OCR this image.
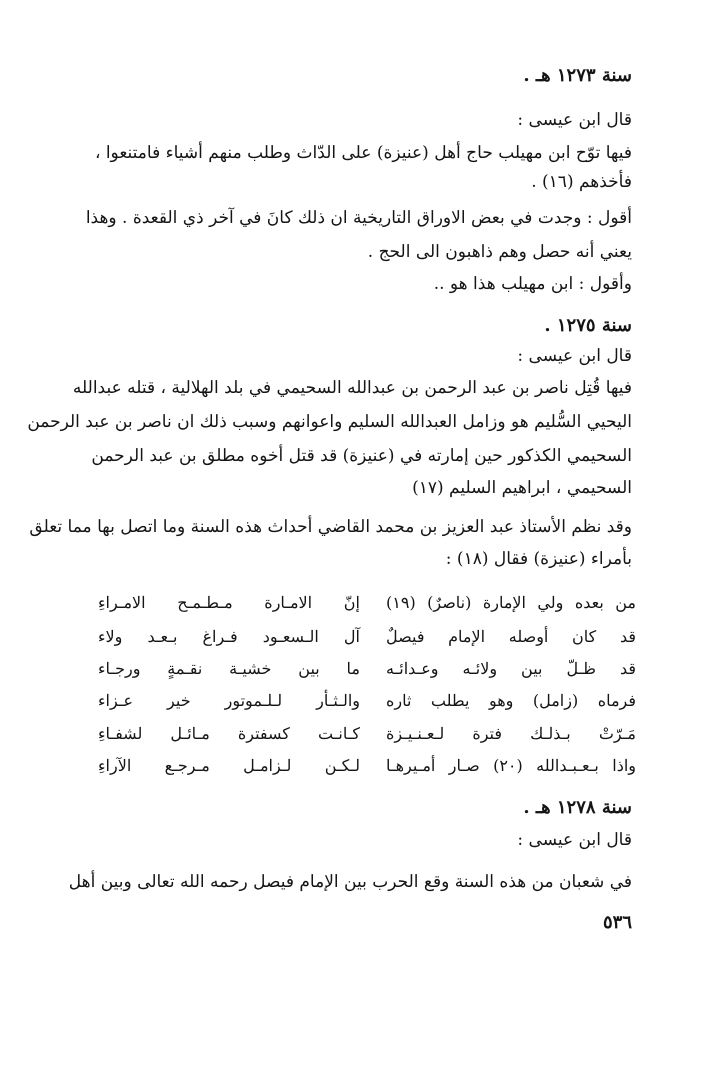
سنة ١٢٧٣ هـ .
قال ابن عيسى :
فيها توّح ابن مهيلب حاج أهل (عنيزة) على الدّاث وطلب منهم أشياء فامتنعوا ،
فأخذهم (١٦) .
أقول : وجدت في بعض الاوراق التاريخية ان ذلك كانَ في آخر ذي القعدة . وهذا
يعني أنه حصل وهم ذاهبون الى الحج .
وأقول : ابن مهيلب هذا هو ..
سنة ١٢٧٥ .
قال ابن عيسى :
فيها قُتِل ناصر بن عبد الرحمن بن عبدالله السحيمي في بلد الهلالية ، قتله عبدالله
اليحيي السُّليم هو وزامل العبدالله السليم واعوانهم وسبب ذلك ان ناصر بن عبد الرحمن
السحيمي الكذكور حين إمارته في (عنيزة) قد قتل أخوه مطلق بن عبد الرحمن
السحيمي ، ابراهيم السليم (١٧)
وقد نظم الأستاذ عبد العزيز بن محمد القاضي أحداث هذه السنة وما اتصل بها مما تعلق
بأمراء (عنيزة) فقال (١٨) :
من بعده ولي الإمارة (ناصرٌ) (١٩)
إنّ الامـارة مـطـمـح الامـراءِ
قد كان أوصله الإمام فيصلٌ
آل الـسعـود فـراغ بـعـد ولاء
قد ظـلّ بين ولائـه وعـدائـه
ما بين خشيـة نقـمةٍ ورجـاء
فرماه (زامل) وهو يطلب ثاره
والـثـأر لـلـموتور خير عـزاء
مَـرّتْ بـذلـك فترة لـعـنـيـزة
كـانـت كسفترة مـائـل لشفـاءِ
واذا بـعـبـدالله (٢٠) صـار أمـيرهـا
لـكـن لـزامـل مـرجـع الآراءِ
سنة ١٢٧٨ هـ .
قال ابن عيسى :
في شعبان من هذه السنة وقع الحرب بين الإمام فيصل رحمه الله تعالى وبين أهل
٥٣٦
